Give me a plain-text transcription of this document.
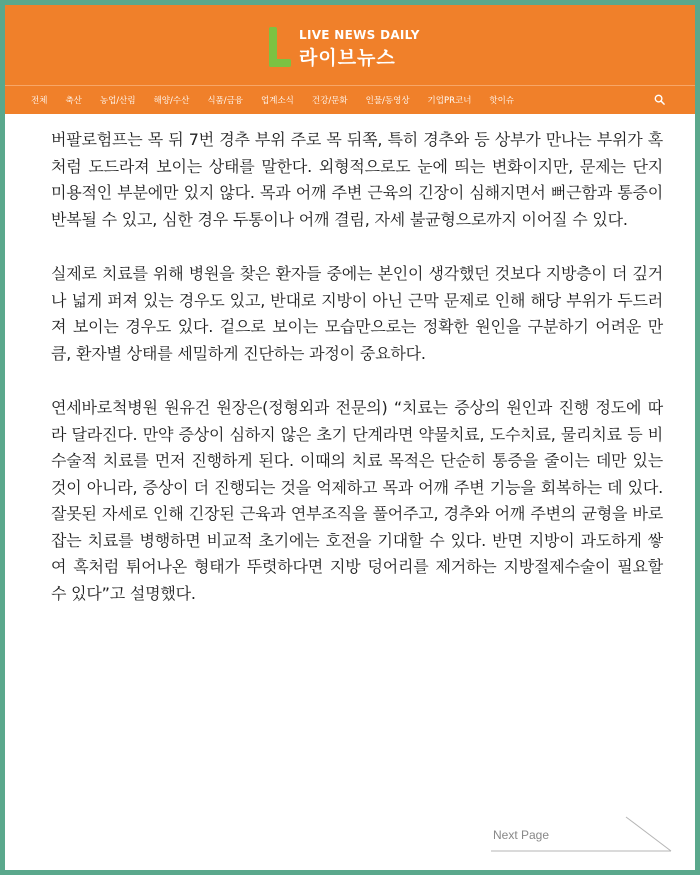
LIVE NEWS DAILY
라이브뉴스
전체 축산 농업/산림 해양/수산 식품/금융 업계소식 건강/문화 인물/동영상 기업PR코너 핫이슈

버팔로험프는 목 뒤 7번 경추 부위 주로 목 뒤쪽, 특히 경추와 등 상부가 만나는 부위가 혹처럼 도드라져 보이는 상태를 말한다. 외형적으로도 눈에 띄는 변화이지만, 문제는 단지 미용적인 부분에만 있지 않다. 목과 어깨 주변 근육의 긴장이 심해지면서 뻐근함과 통증이 반복될 수 있고, 심한 경우 두통이나 어깨 결림, 자세 불균형으로까지 이어질 수 있다.

실제로 치료를 위해 병원을 찾은 환자들 중에는 본인이 생각했던 것보다 지방층이 더 깊거나 넓게 퍼져 있는 경우도 있고, 반대로 지방이 아닌 근막 문제로 인해 해당 부위가 두드러져 보이는 경우도 있다. 겉으로 보이는 모습만으로는 정확한 원인을 구분하기 어려운 만큼, 환자별 상태를 세밀하게 진단하는 과정이 중요하다.

연세바로척병원 원유건 원장은(정형외과 전문의) “치료는 증상의 원인과 진행 정도에 따라 달라진다. 만약 증상이 심하지 않은 초기 단계라면 약물치료, 도수치료, 물리치료 등 비수술적 치료를 먼저 진행하게 된다. 이때의 치료 목적은 단순히 통증을 줄이는 데만 있는 것이 아니라, 증상이 더 진행되는 것을 억제하고 목과 어깨 주변 기능을 회복하는 데 있다. 잘못된 자세로 인해 긴장된 근육과 연부조직을 풀어주고, 경추와 어깨 주변의 균형을 바로잡는 치료를 병행하면 비교적 초기에는 호전을 기대할 수 있다. 반면 지방이 과도하게 쌓여 혹처럼 튀어나온 형태가 뚜렷하다면 지방 덩어리를 제거하는 지방절제수술이 필요할 수 있다”고 설명했다.

Next Page
